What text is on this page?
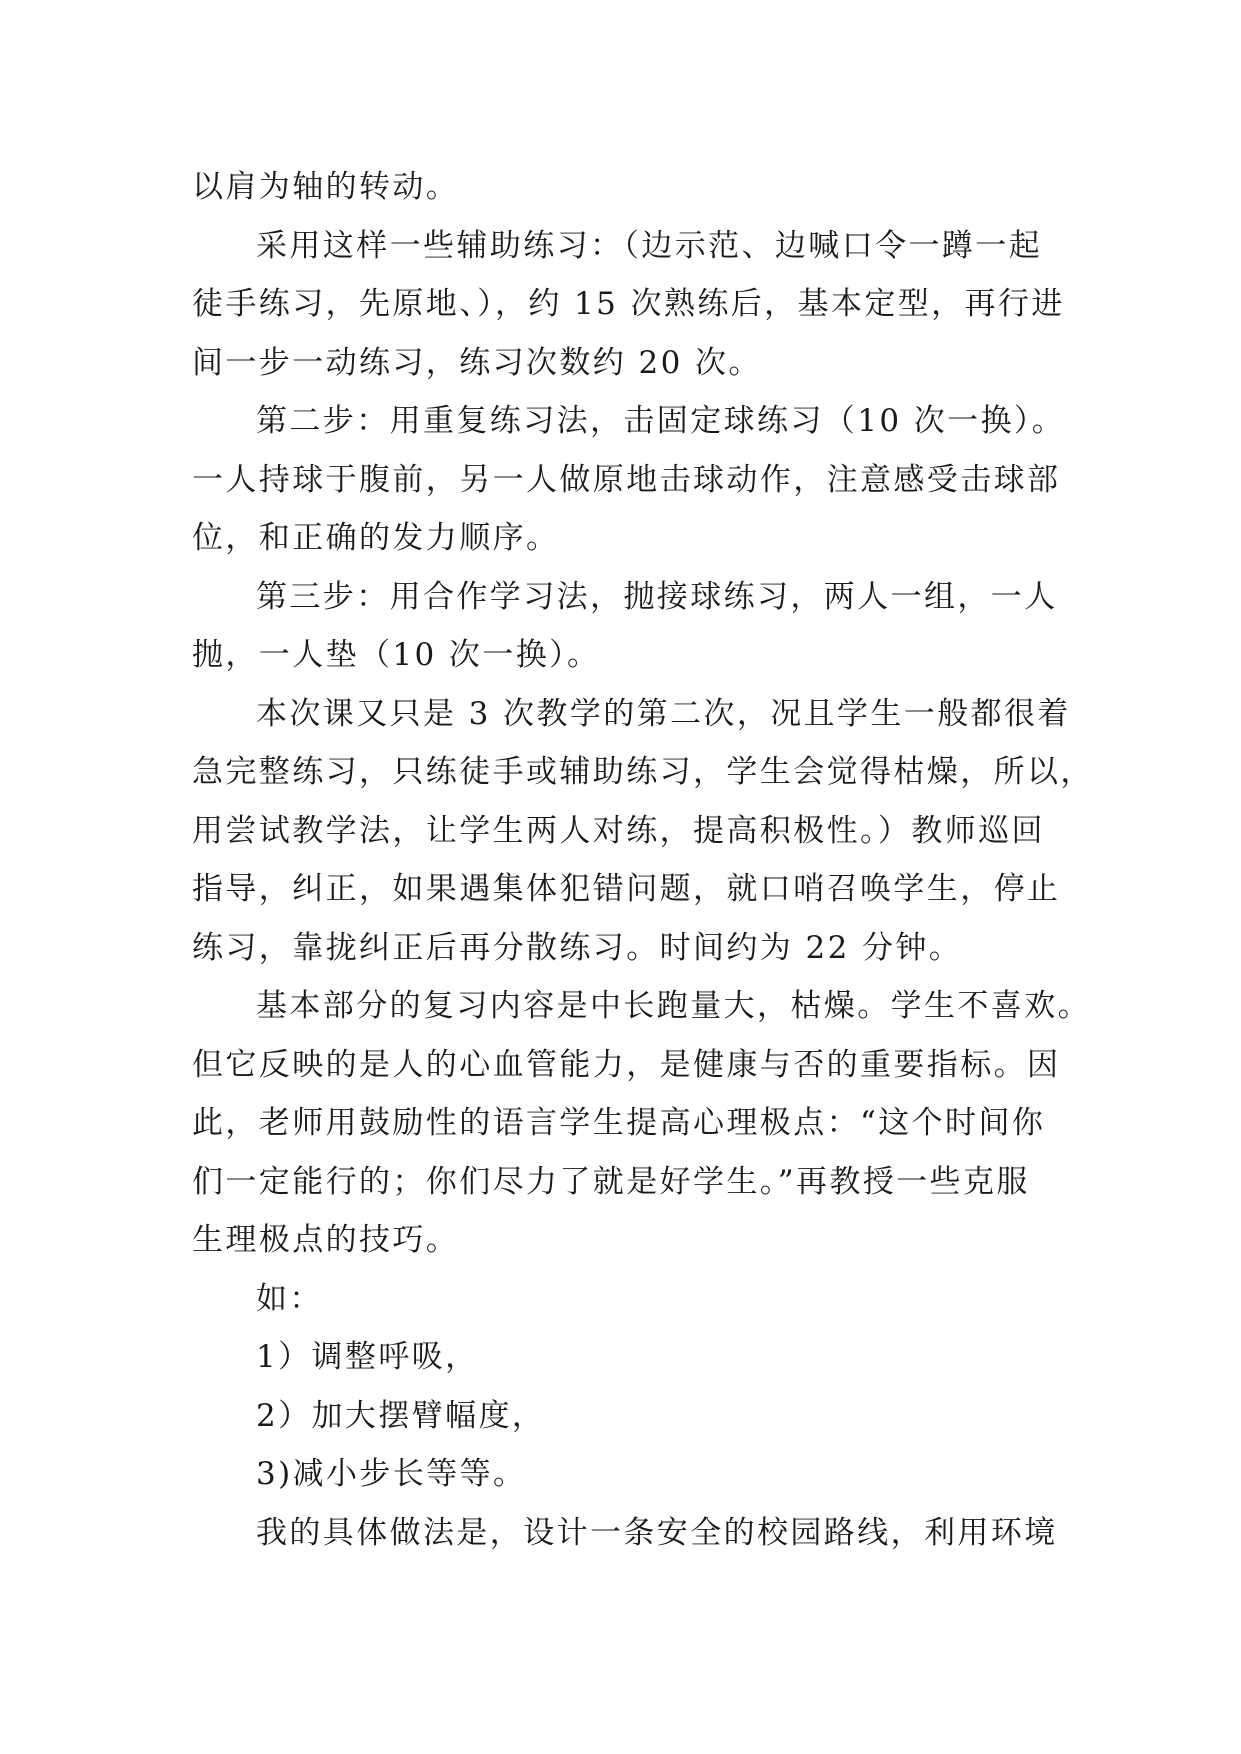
以肩为轴的转动。
采用这样一些辅助练习：（边示范、边喊口令一蹲一起
徒手练习，先原地、），约 15 次熟练后，基本定型，再行进
间一步一动练习，练习次数约 20 次。
第二步：用重复练习法，击固定球练习（10 次一换）。
一人持球于腹前，另一人做原地击球动作，注意感受击球部
位，和正确的发力顺序。
第三步：用合作学习法，抛接球练习，两人一组，一人
抛，一人垫（10 次一换）。
本次课又只是 3 次教学的第二次，况且学生一般都很着
急完整练习，只练徒手或辅助练习，学生会觉得枯燥，所以，
用尝试教学法，让学生两人对练，提高积极性。）教师巡回
指导，纠正，如果遇集体犯错问题，就口哨召唤学生，停止
练习，靠拢纠正后再分散练习。时间约为 22 分钟。
基本部分的复习内容是中长跑量大，枯燥。学生不喜欢。
但它反映的是人的心血管能力，是健康与否的重要指标。因
此，老师用鼓励性的语言学生提高心理极点：“这个时间你
们一定能行的；你们尽力了就是好学生。”再教授一些克服
生理极点的技巧。
如：
1）调整呼吸，
2）加大摆臂幅度，
3)减小步长等等。
我的具体做法是，设计一条安全的校园路线，利用环境
